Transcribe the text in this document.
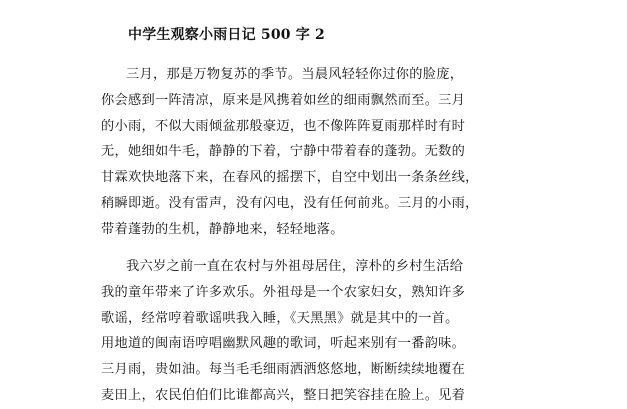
中学生观察小雨日记 500 字 2
三月，那是万物复苏的季节。当晨风轻轻你过你的脸庞，
你会感到一阵清凉，原来是风携着如丝的细雨飘然而至。三月
的小雨，不似大雨倾盆那般豪迈，也不像阵阵夏雨那样时有时
无，她细如牛毛，静静的下着，宁静中带着春的蓬勃。无数的
甘霖欢快地落下来，在春风的摇摆下，自空中划出一条条丝线，
稍瞬即逝。没有雷声，没有闪电，没有任何前兆。三月的小雨，
带着蓬勃的生机，静静地来，轻轻地落。
我六岁之前一直在农村与外祖母居住，淳朴的乡村生活给
我的童年带来了许多欢乐。外祖母是一个农家妇女，熟知许多
歌谣，经常哼着歌谣哄我入睡，《天黑黑》就是其中的一首。
用地道的闽南语哼唱幽默风趣的歌词，听起来别有一番韵味。
三月雨，贵如油。每当毛毛细雨洒洒悠悠地，断断续续地覆在
麦田上，农民伯伯们比谁都高兴，整日把笑容挂在脸上。见着
